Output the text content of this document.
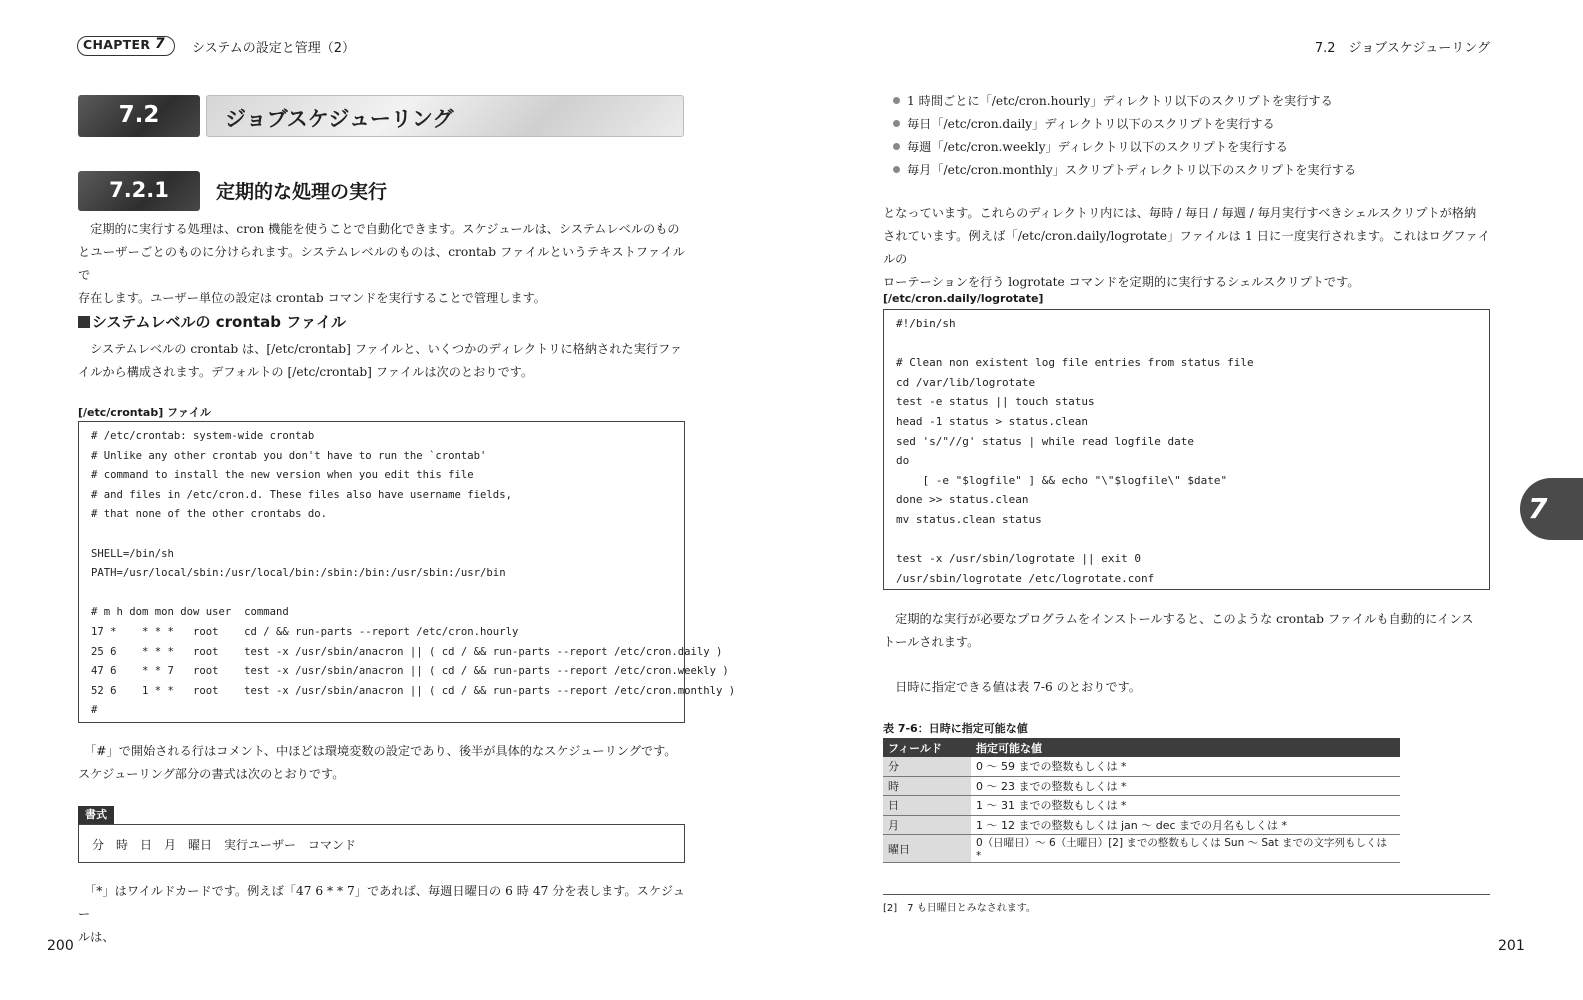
CHAPTER 7 システムの設定と管理（2）
7.2	ジョブスケジューリング
7.2.1	定期的な処理の実行
　定期的に実行する処理は、cron 機能を使うことで自動化できます。スケジュールは、システムレベルのもの
とユーザーごとのものに分けられます。システムレベルのものは、crontab ファイルというテキストファイルで
存在します。ユーザー単位の設定は crontab コマンドを実行することで管理します。
システムレベルの crontab ファイル
　システムレベルの crontab は、[/etc/crontab] ファイルと、いくつかのディレクトリに格納された実行ファ
イルから構成されます。デフォルトの [/etc/crontab] ファイルは次のとおりです。
[/etc/crontab] ファイル
# /etc/crontab: system-wide crontab
# Unlike any other crontab you don't have to run the `crontab'
# command to install the new version when you edit this file
# and files in /etc/cron.d. These files also have username fields,
# that none of the other crontabs do.

SHELL=/bin/sh
PATH=/usr/local/sbin:/usr/local/bin:/sbin:/bin:/usr/sbin:/usr/bin

# m h dom mon dow user  command
17 *    * * *   root    cd / && run-parts --report /etc/cron.hourly
25 6    * * *   root    test -x /usr/sbin/anacron || ( cd / && run-parts --report /etc/cron.daily )
47 6    * * 7   root    test -x /usr/sbin/anacron || ( cd / && run-parts --report /etc/cron.weekly )
52 6    1 * *   root    test -x /usr/sbin/anacron || ( cd / && run-parts --report /etc/cron.monthly )
#
　「#」で開始される行はコメント、中ほどは環境変数の設定であり、後半が具体的なスケジューリングです。
スケジューリング部分の書式は次のとおりです。
書式
分　時　日　月　曜日　実行ユーザー　コマンド
　「*」はワイルドカードです。例えば「47 6 * * 7」であれば、毎週日曜日の 6 時 47 分を表します。スケジュー
ルは、
200
7.2　ジョブスケジューリング
1 時間ごとに「/etc/cron.hourly」ディレクトリ以下のスクリプトを実行する
毎日「/etc/cron.daily」ディレクトリ以下のスクリプトを実行する
毎週「/etc/cron.weekly」ディレクトリ以下のスクリプトを実行する
毎月「/etc/cron.monthly」スクリプトディレクトリ以下のスクリプトを実行する
となっています。これらのディレクトリ内には、毎時 / 毎日 / 毎週 / 毎月実行すべきシェルスクリプトが格納
されています。例えば「/etc/cron.daily/logrotate」ファイルは 1 日に一度実行されます。これはログファイルの
ローテーションを行う logrotate コマンドを定期的に実行するシェルスクリプトです。
[/etc/cron.daily/logrotate]
#!/bin/sh

# Clean non existent log file entries from status file
cd /var/lib/logrotate
test -e status || touch status
head -1 status > status.clean
sed 's/"//g' status | while read logfile date
do
[ -e "$logfile" ] && echo "\"$logfile\" $date"
done >> status.clean
mv status.clean status

test -x /usr/sbin/logrotate || exit 0
/usr/sbin/logrotate /etc/logrotate.conf
　定期的な実行が必要なプログラムをインストールすると、このような crontab ファイルも自動的にインス
トールされます。
　日時に指定できる値は表 7-6 のとおりです。
表 7-6：日時に指定可能な値
フィールド	指定可能な値
分	0 ～ 59 までの整数もしくは *
時	0 ～ 23 までの整数もしくは *
日	1 ～ 31 までの整数もしくは *
月	1 ～ 12 までの整数もしくは jan ～ dec までの月名もしくは *
曜日	0（日曜日）～ 6（土曜日）[2] までの整数もしくは Sun ～ Sat までの文字列もしくは *
7
[2]　7 も日曜日とみなされます。
201
